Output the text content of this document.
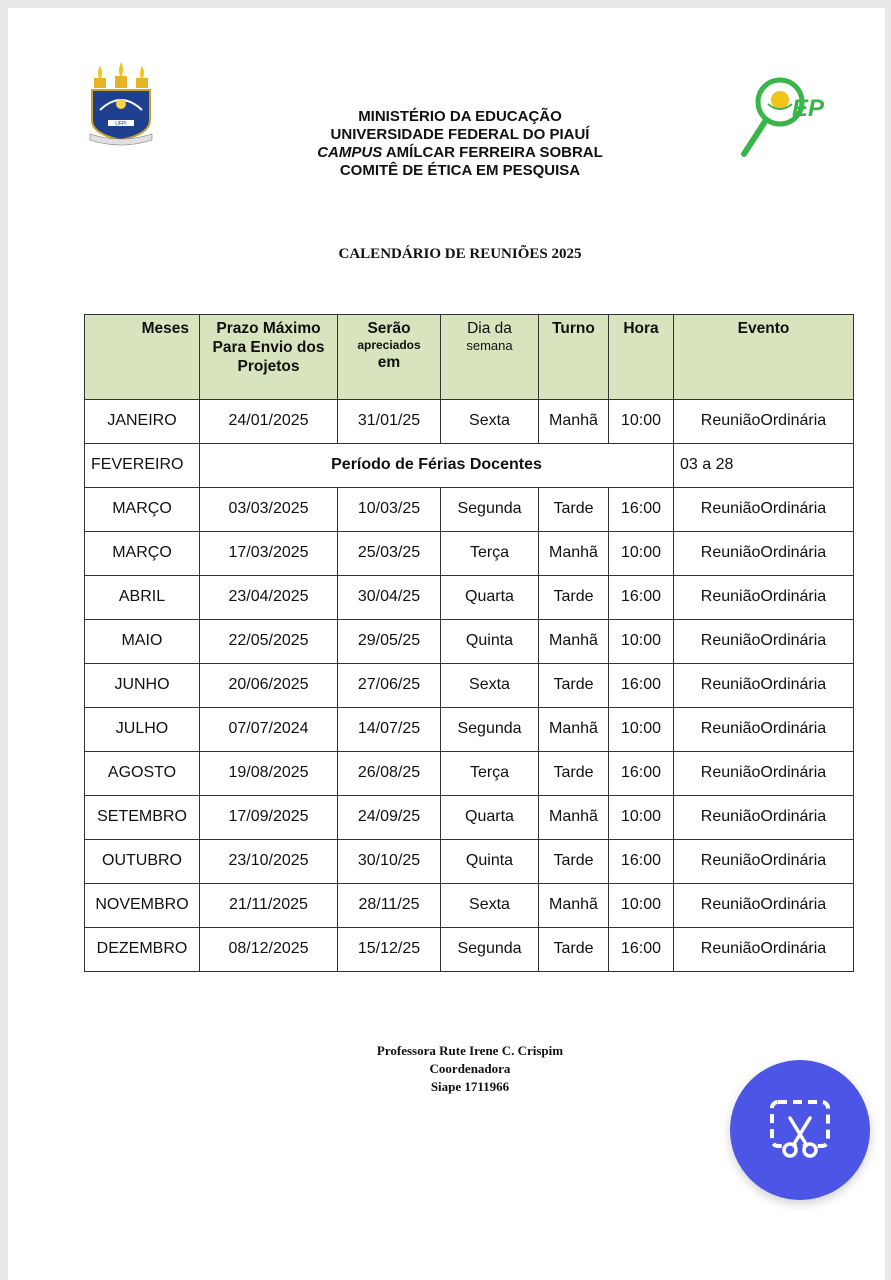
UFPI
EP
MINISTÉRIO DA EDUCAÇÃO
UNIVERSIDADE FEDERAL DO PIAUÍ
CAMPUS AMÍLCAR FERREIRA SOBRAL
COMITÊ DE ÉTICA EM PESQUISA
CALENDÁRIO DE REUNIÕES 2025
Meses	Prazo Máximo Para Envio dos Projetos	Serão
apreciados
em	Dia da
semana	Turno	Hora	Evento
JANEIRO	24/01/2025	31/01/25	Sexta	Manhã	10:00	ReuniãoOrdinária
FEVEREIRO	Período de Férias Docentes					03 a 28
MARÇO	03/03/2025	10/03/25	Segunda	Tarde	16:00	ReuniãoOrdinária
MARÇO	17/03/2025	25/03/25	Terça	Manhã	10:00	ReuniãoOrdinária
ABRIL	23/04/2025	30/04/25	Quarta	Tarde	16:00	ReuniãoOrdinária
MAIO	22/05/2025	29/05/25	Quinta	Manhã	10:00	ReuniãoOrdinária
JUNHO	20/06/2025	27/06/25	Sexta	Tarde	16:00	ReuniãoOrdinária
JULHO	07/07/2024	14/07/25	Segunda	Manhã	10:00	ReuniãoOrdinária
AGOSTO	19/08/2025	26/08/25	Terça	Tarde	16:00	ReuniãoOrdinária
SETEMBRO	17/09/2025	24/09/25	Quarta	Manhã	10:00	ReuniãoOrdinária
OUTUBRO	23/10/2025	30/10/25	Quinta	Tarde	16:00	ReuniãoOrdinária
NOVEMBRO	21/11/2025	28/11/25	Sexta	Manhã	10:00	ReuniãoOrdinária
DEZEMBRO	08/12/2025	15/12/25	Segunda	Tarde	16:00	ReuniãoOrdinária
Professora Rute Irene C. Crispim
Coordenadora
Siape 1711966
